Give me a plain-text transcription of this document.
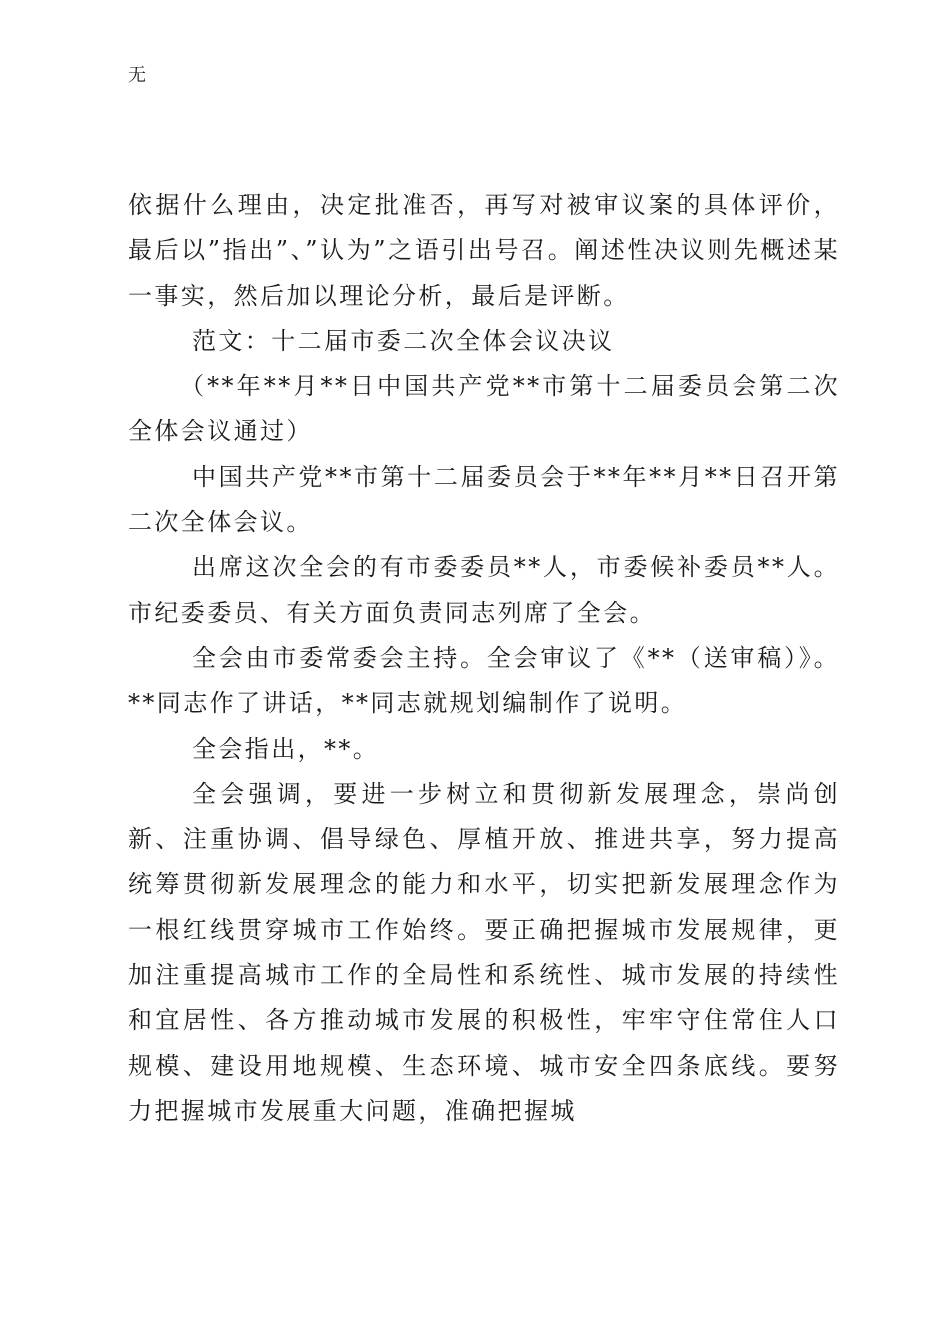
无

依据什么理由，决定批准否，再写对被审议案的具体评价，最后以”指出”、”认为”之语引出号召。阐述性决议则先概述某一事实，然后加以理论分析，最后是评断。

范文：十二届市委二次全体会议决议

（**年**月**日中国共产党**市第十二届委员会第二次全体会议通过）

中国共产党**市第十二届委员会于**年**月**日召开第二次全体会议。

出席这次全会的有市委委员**人，市委候补委员**人。市纪委委员、有关方面负责同志列席了全会。

全会由市委常委会主持。全会审议了《**（送审稿）》。**同志作了讲话，**同志就规划编制作了说明。

全会指出，**。

全会强调，要进一步树立和贯彻新发展理念，崇尚创新、注重协调、倡导绿色、厚植开放、推进共享，努力提高统筹贯彻新发展理念的能力和水平，切实把新发展理念作为一根红线贯穿城市工作始终。要正确把握城市发展规律，更加注重提高城市工作的全局性和系统性、城市发展的持续性和宜居性、各方推动城市发展的积极性，牢牢守住常住人口规模、建设用地规模、生态环境、城市安全四条底线。要努力把握城市发展重大问题，准确把握城
